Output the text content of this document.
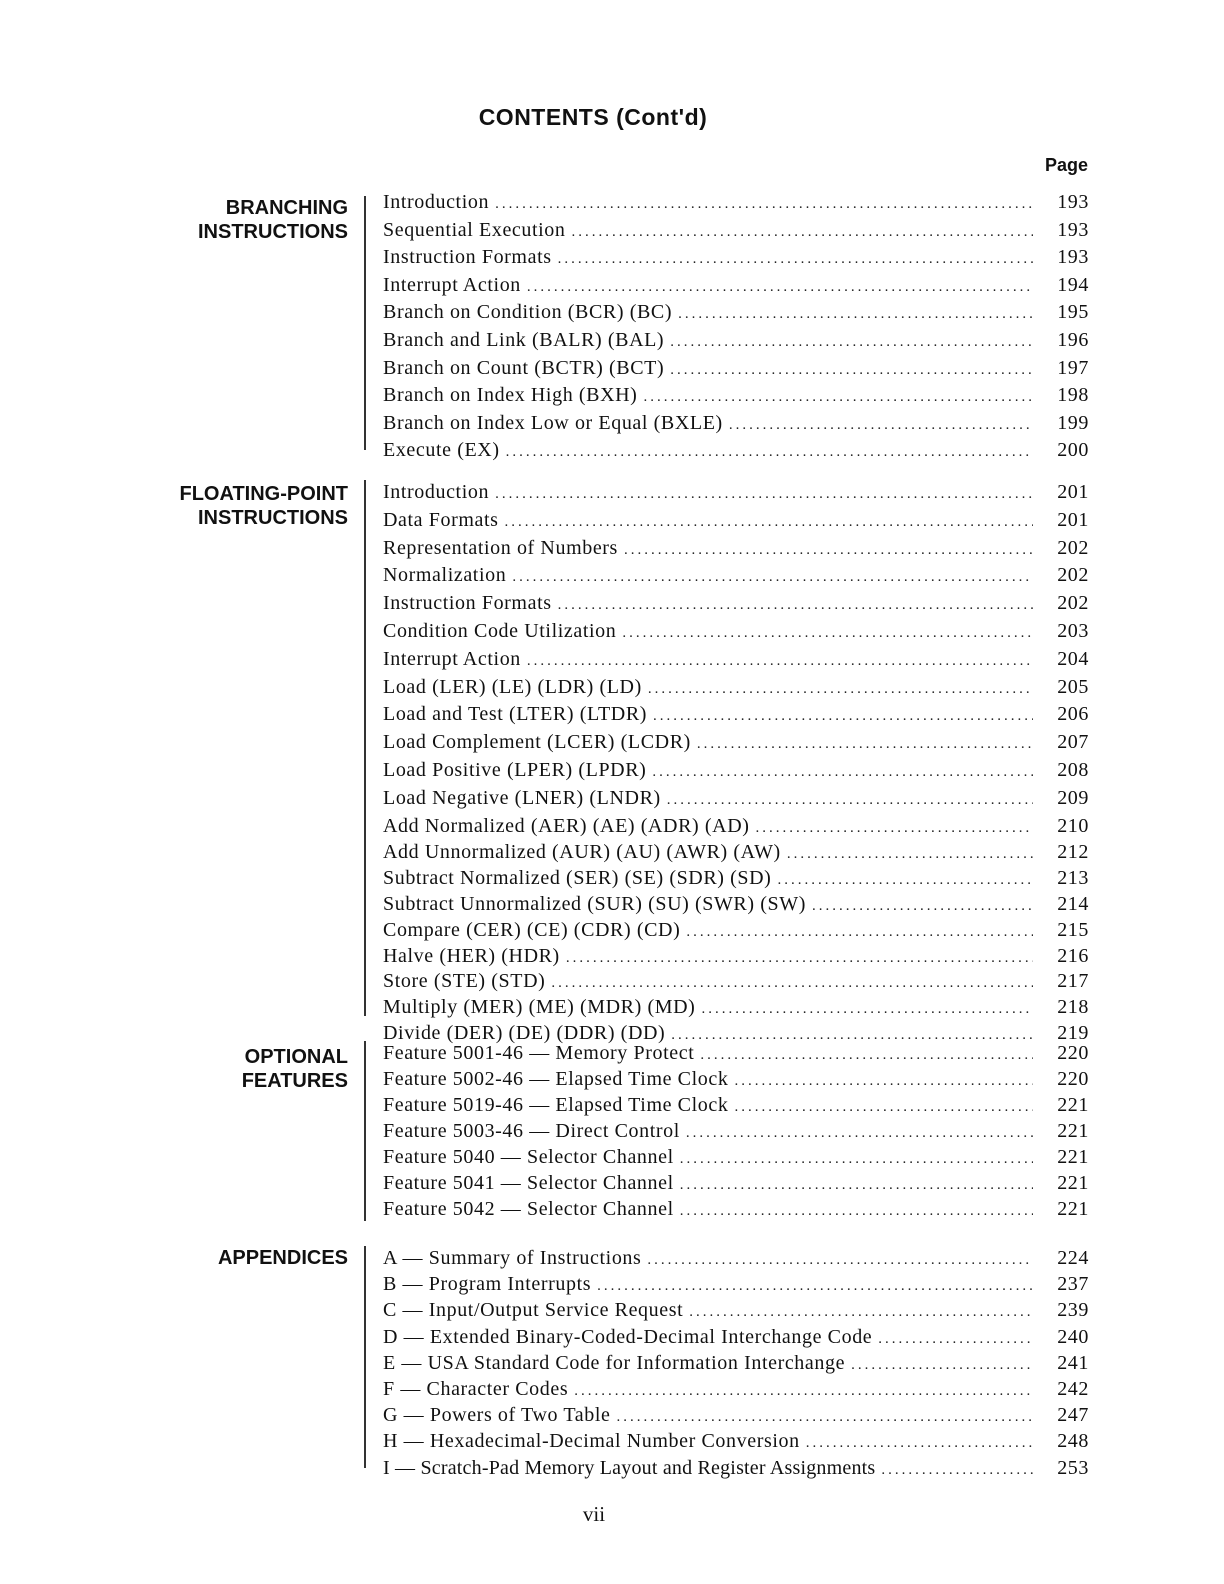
CONTENTS (Cont'd)
Page
BRANCHING
INSTRUCTIONS
Introduction .....	193
Sequential Execution .....	193
Instruction Formats .....	193
Interrupt Action .....	194
Branch on Condition (BCR) (BC) .....	195
Branch and Link (BALR) (BAL) .....	196
Branch on Count (BCTR) (BCT) .....	197
Branch on Index High (BXH) .....	198
Branch on Index Low or Equal (BXLE) .....	199
Execute (EX) .....	200
FLOATING-POINT
INSTRUCTIONS
Introduction .....	201
Data Formats .....	201
Representation of Numbers .....	202
Normalization .....	202
Instruction Formats .....	202
Condition Code Utilization .....	203
Interrupt Action .....	204
Load (LER) (LE) (LDR) (LD) .....	205
Load and Test (LTER) (LTDR) .....	206
Load Complement (LCER) (LCDR) .....	207
Load Positive (LPER) (LPDR) .....	208
Load Negative (LNER) (LNDR) .....	209
Add Normalized (AER) (AE) (ADR) (AD) .....	210
Add Unnormalized (AUR) (AU) (AWR) (AW) .....	212
Subtract Normalized (SER) (SE) (SDR) (SD) .....	213
Subtract Unnormalized (SUR) (SU) (SWR) (SW) .....	214
Compare (CER) (CE) (CDR) (CD) .....	215
Halve (HER) (HDR) .....	216
Store (STE) (STD) .....	217
Multiply (MER) (ME) (MDR) (MD) .....	218
Divide (DER) (DE) (DDR) (DD) .....	219
OPTIONAL
FEATURES
Feature 5001-46 — Memory Protect .....	220
Feature 5002-46 — Elapsed Time Clock .....	220
Feature 5019-46 — Elapsed Time Clock .....	221
Feature 5003-46 — Direct Control .....	221
Feature 5040 — Selector Channel .....	221
Feature 5041 — Selector Channel .....	221
Feature 5042 — Selector Channel .....	221
APPENDICES A — Summary of Instructions .....	224
B — Program Interrupts .....	237
C — Input/Output Service Request .....	239
D — Extended Binary-Coded-Decimal Interchange Code .....	240
E — USA Standard Code for Information Interchange .....	241
F — Character Codes .....	242
G — Powers of Two Table .....	247
H — Hexadecimal-Decimal Number Conversion .....	248
I — Scratch-Pad Memory Layout and Register Assignments .....	253
vii
